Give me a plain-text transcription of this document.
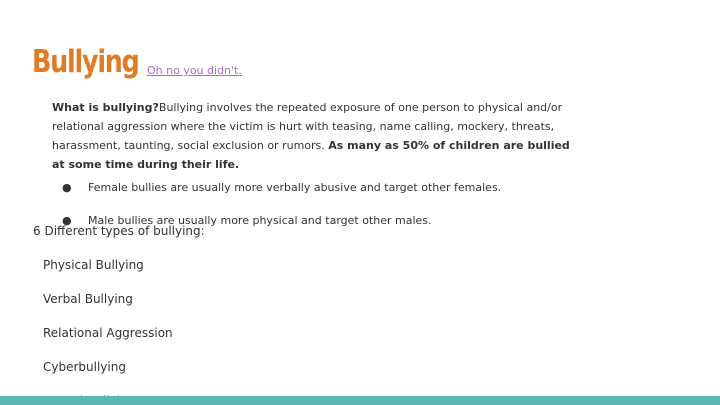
Bullying Oh no you didn't.
What is bullying?Bullying involves the repeated exposure of one person to physical and/or relational aggression where the victim is hurt with teasing, name calling, mockery, threats, harassment, taunting, social exclusion or rumors. As many as 50% of children are bullied at some time during their life.
● Female bullies are usually more verbally abusive and target other females.
● Male bullies are usually more physical and target other males.
6 Different types of bullying:
Physical Bullying
Verbal Bullying
Relational Aggression
Cyberbullying
